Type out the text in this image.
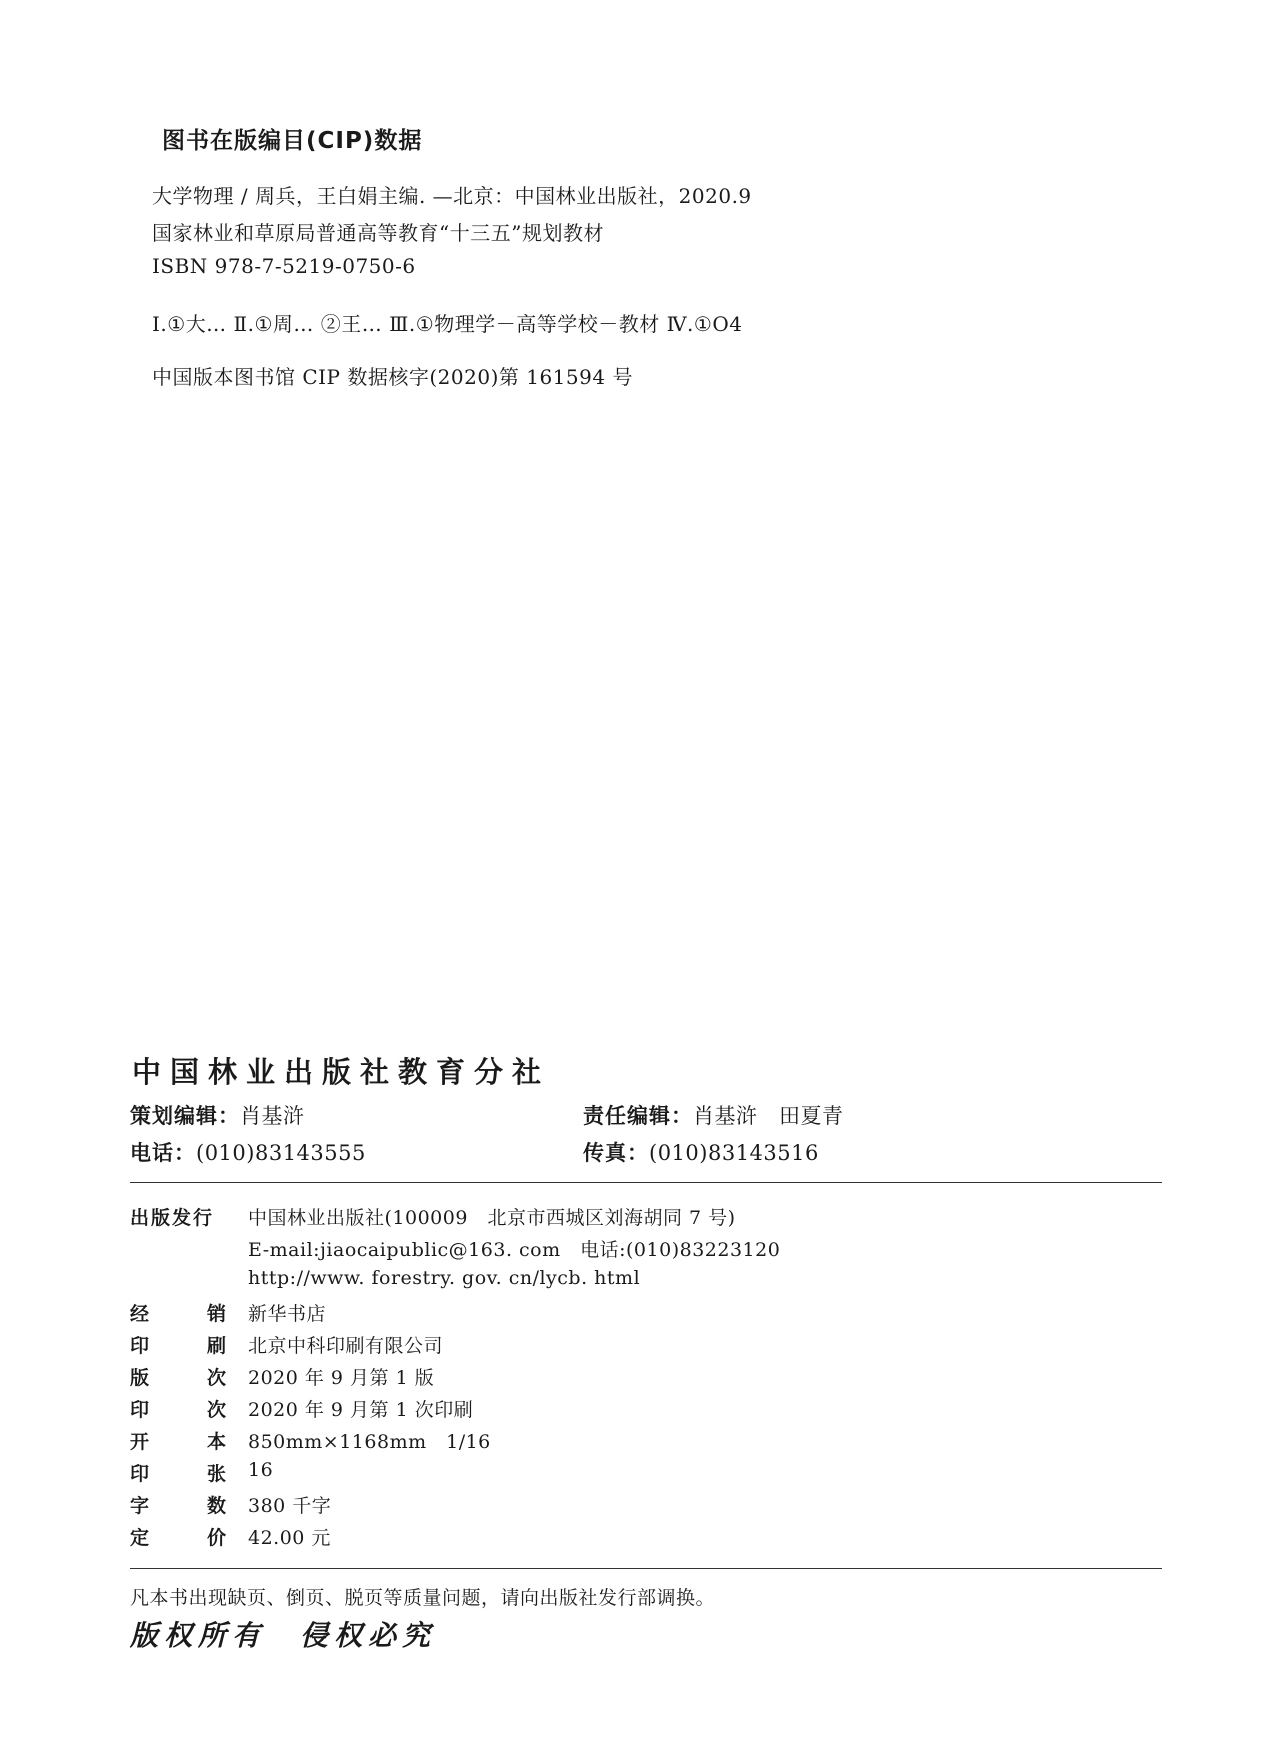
图书在版编目(CIP)数据
大学物理 / 周兵，王白娟主编. —北京：中国林业出版社，2020.9
国家林业和草原局普通高等教育“十三五”规划教材
ISBN 978-7-5219-0750-6
Ⅰ.①大… Ⅱ.①周… ②王… Ⅲ.①物理学－高等学校－教材 Ⅳ.①O4
中国版本图书馆 CIP 数据核字(2020)第 161594 号
中国林业出版社教育分社
策划编辑：肖基浒	责任编辑：肖基浒　田夏青
电话：(010)83143555	传真：(010)83143516
出版发行	中国林业出版社(100009　北京市西城区刘海胡同 7 号)
E-mail:jiaocaipublic@163. com　电话:(010)83223120
http://www. forestry. gov. cn/lycb. html
经	销 新华书店
印	刷 北京中科印刷有限公司
版	次 2020 年 9 月第 1 版
印	次 2020 年 9 月第 1 次印刷
开	本 850mm×1168mm　1/16
印	张 16
字	数 380 千字
定	价 42.00 元
凡本书出现缺页、倒页、脱页等质量问题，请向出版社发行部调换。
版权所有　侵权必究
